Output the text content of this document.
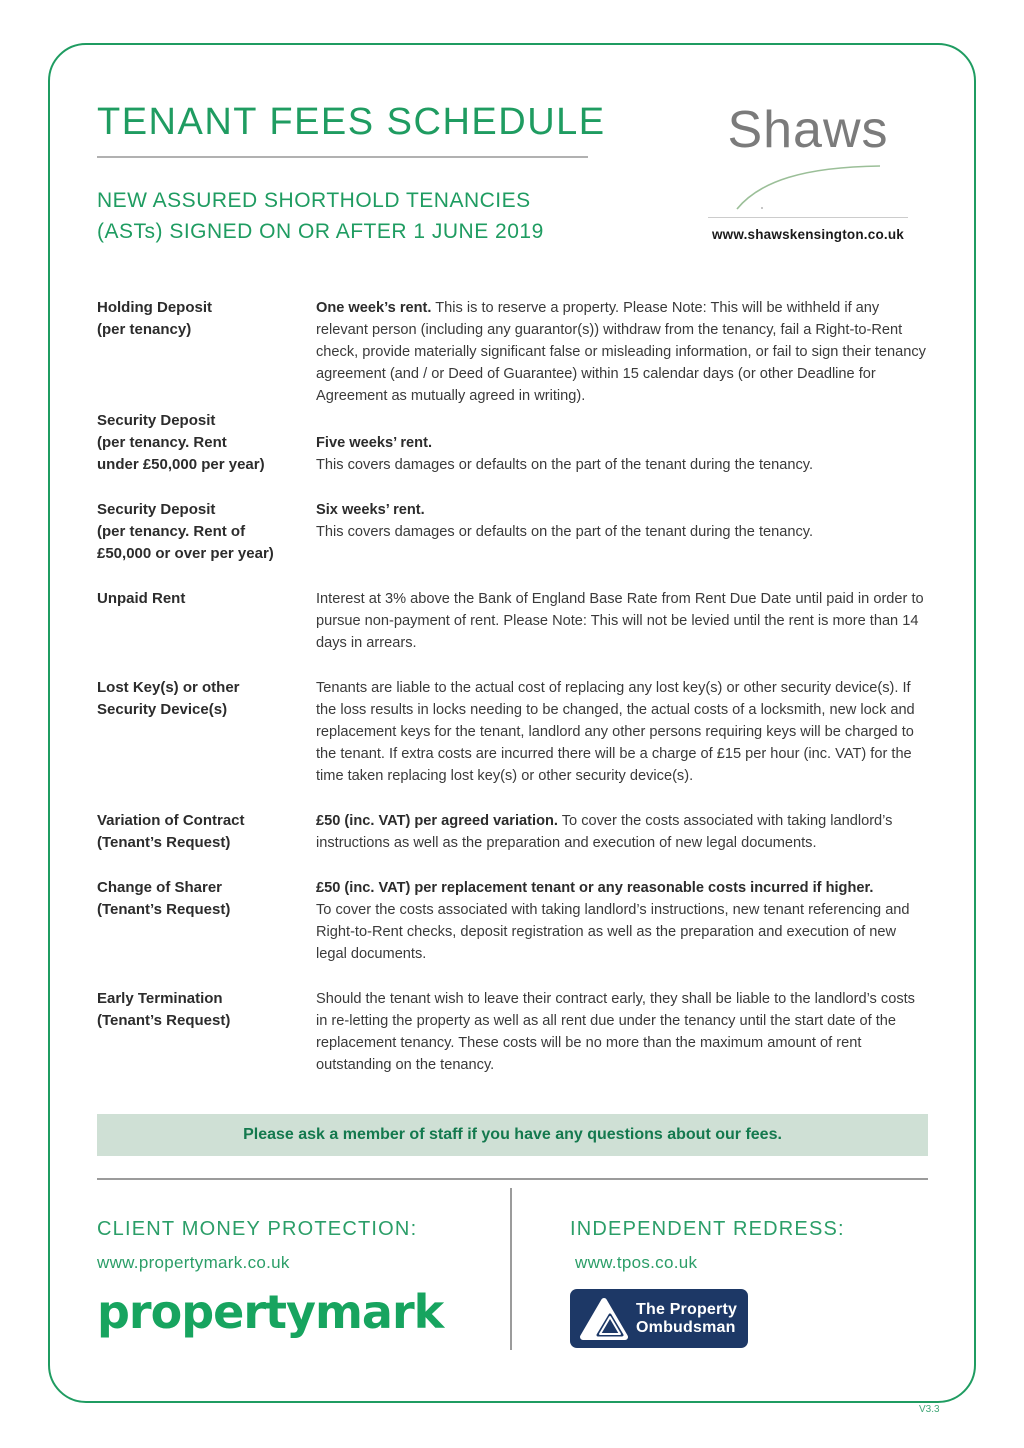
TENANT FEES SCHEDULE
NEW ASSURED SHORTHOLD TENANCIES
(ASTs) SIGNED ON OR AFTER 1 JUNE 2019
Shaws
www.shawskensington.co.uk
Holding Deposit
(per tenancy)
One week’s rent. This is to reserve a property. Please Note: This will be withheld if any relevant person (including any guarantor(s)) withdraw from the tenancy, fail a Right-to-Rent check, provide materially significant false or misleading information, or fail to sign their tenancy agreement (and / or Deed of Guarantee) within 15 calendar days (or other Deadline for Agreement as mutually agreed in writing).
Security Deposit
(per tenancy. Rent
under £50,000 per year)
Five weeks’ rent.
This covers damages or defaults on the part of the tenant during the tenancy.
Security Deposit
(per tenancy. Rent of
£50,000 or over per year)
Six weeks’ rent.
This covers damages or defaults on the part of the tenant during the tenancy.
Unpaid Rent	Interest at 3% above the Bank of England Base Rate from Rent Due Date until paid in order to pursue non-payment of rent. Please Note: This will not be levied until the rent is more than 14 days in arrears.
Lost Key(s) or other
Security Device(s)
Tenants are liable to the actual cost of replacing any lost key(s) or other security device(s). If the loss results in locks needing to be changed, the actual costs of a locksmith, new lock and replacement keys for the tenant, landlord any other persons requiring keys will be charged to the tenant. If extra costs are incurred there will be a charge of £15 per hour (inc. VAT) for the time taken replacing lost key(s) or other security device(s).
Variation of Contract
(Tenant’s Request)
£50 (inc. VAT) per agreed variation. To cover the costs associated with taking landlord’s instructions as well as the preparation and execution of new legal documents.
Change of Sharer
(Tenant’s Request)
£50 (inc. VAT) per replacement tenant or any reasonable costs incurred if higher.
To cover the costs associated with taking landlord’s instructions, new tenant referencing and Right-to-Rent checks, deposit registration as well as the preparation and execution of new legal documents.
Early Termination
(Tenant’s Request)
Should the tenant wish to leave their contract early, they shall be liable to the landlord’s costs in re-letting the property as well as all rent due under the tenancy until the start date of the replacement tenancy. These costs will be no more than the maximum amount of rent outstanding on the tenancy.
Please ask a member of staff if you have any questions about our fees.
CLIENT MONEY PROTECTION:
www.propertymark.co.uk
propertymark
INDEPENDENT REDRESS:
www.tpos.co.uk
The Property
Ombudsman
V3.3
